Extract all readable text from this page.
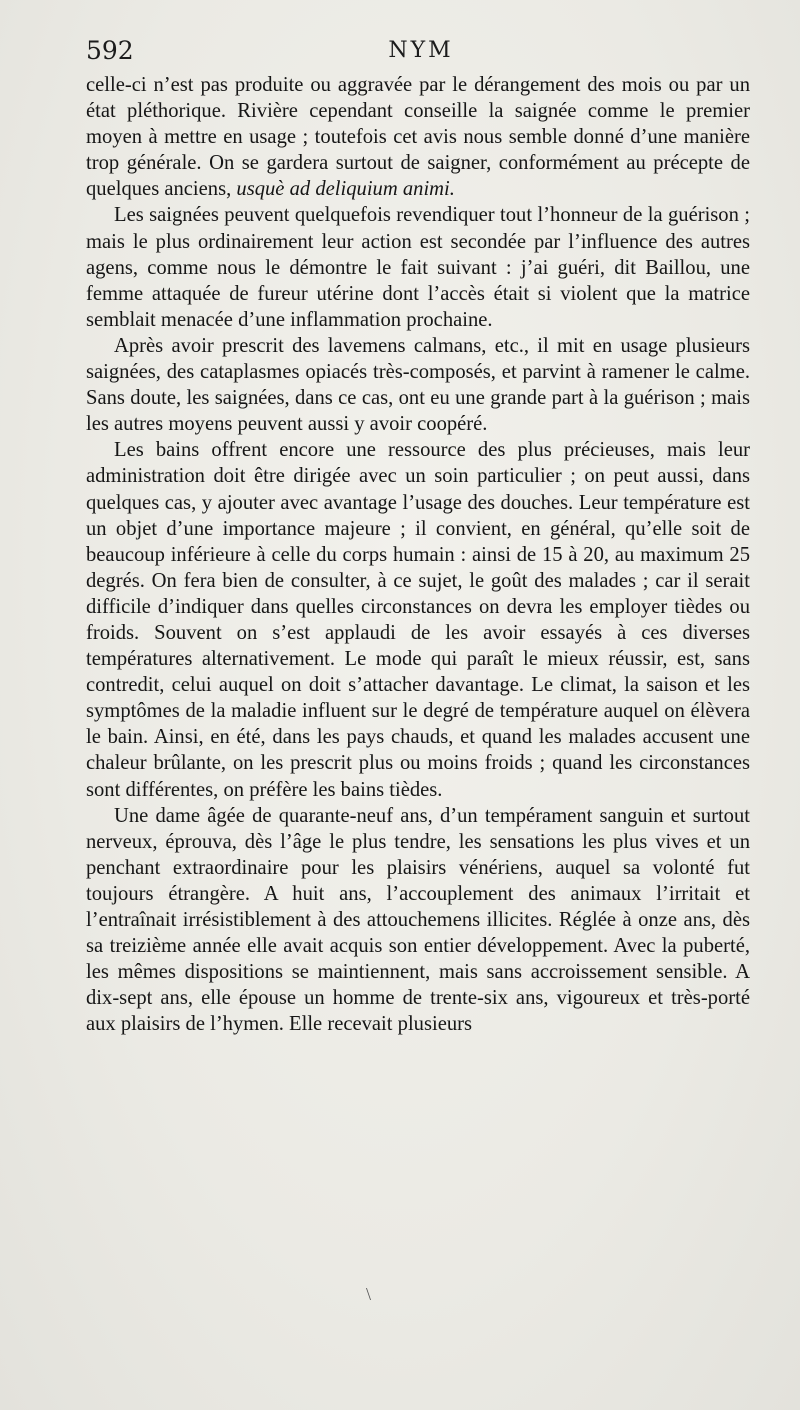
592	NYM

celle-ci n’est pas produite ou aggravée par le dérangement des mois ou par un état pléthorique. Rivière cependant conseille la saignée comme le premier moyen à mettre en usage ; toutefois cet avis nous semble donné d’une manière trop générale. On se gardera surtout de saigner, conformément au précepte de quelques anciens, usquè ad deliquium animi.

Les saignées peuvent quelquefois revendiquer tout l’honneur de la guérison ; mais le plus ordinairement leur action est secondée par l’influence des autres agens, comme nous le démontre le fait suivant : j’ai guéri, dit Baillou, une femme attaquée de fureur utérine dont l’accès était si violent que la matrice semblait menacée d’une inflammation prochaine.

Après avoir prescrit des lavemens calmans, etc., il mit en usage plusieurs saignées, des cataplasmes opiacés très-composés, et parvint à ramener le calme. Sans doute, les saignées, dans ce cas, ont eu une grande part à la guérison ; mais les autres moyens peuvent aussi y avoir coopéré.

Les bains offrent encore une ressource des plus précieuses, mais leur administration doit être dirigée avec un soin particulier ; on peut aussi, dans quelques cas, y ajouter avec avantage l’usage des douches. Leur température est un objet d’une importance majeure ; il convient, en général, qu’elle soit de beaucoup inférieure à celle du corps humain : ainsi de 15 à 20, au maximum 25 degrés. On fera bien de consulter, à ce sujet, le goût des malades ; car il serait difficile d’indiquer dans quelles circonstances on devra les employer tièdes ou froids. Souvent on s’est applaudi de les avoir essayés à ces diverses températures alternativement. Le mode qui paraît le mieux réussir, est, sans contredit, celui auquel on doit s’attacher davantage. Le climat, la saison et les symptômes de la maladie influent sur le degré de température auquel on élèvera le bain. Ainsi, en été, dans les pays chauds, et quand les malades accusent une chaleur brûlante, on les prescrit plus ou moins froids ; quand les circonstances sont différentes, on préfère les bains tièdes.

Une dame âgée de quarante-neuf ans, d’un tempérament sanguin et surtout nerveux, éprouva, dès l’âge le plus tendre, les sensations les plus vives et un penchant extraordinaire pour les plaisirs vénériens, auquel sa volonté fut toujours étrangère. A huit ans, l’accouplement des animaux l’irritait et l’entraînait irrésistiblement à des attouchemens illicites. Réglée à onze ans, dès sa treizième année elle avait acquis son entier développement. Avec la puberté, les mêmes dispositions se maintiennent, mais sans accroissement sensible. A dix-sept ans, elle épouse un homme de trente-six ans, vigoureux et très-porté aux plaisirs de l’hymen. Elle recevait plusieurs

\
